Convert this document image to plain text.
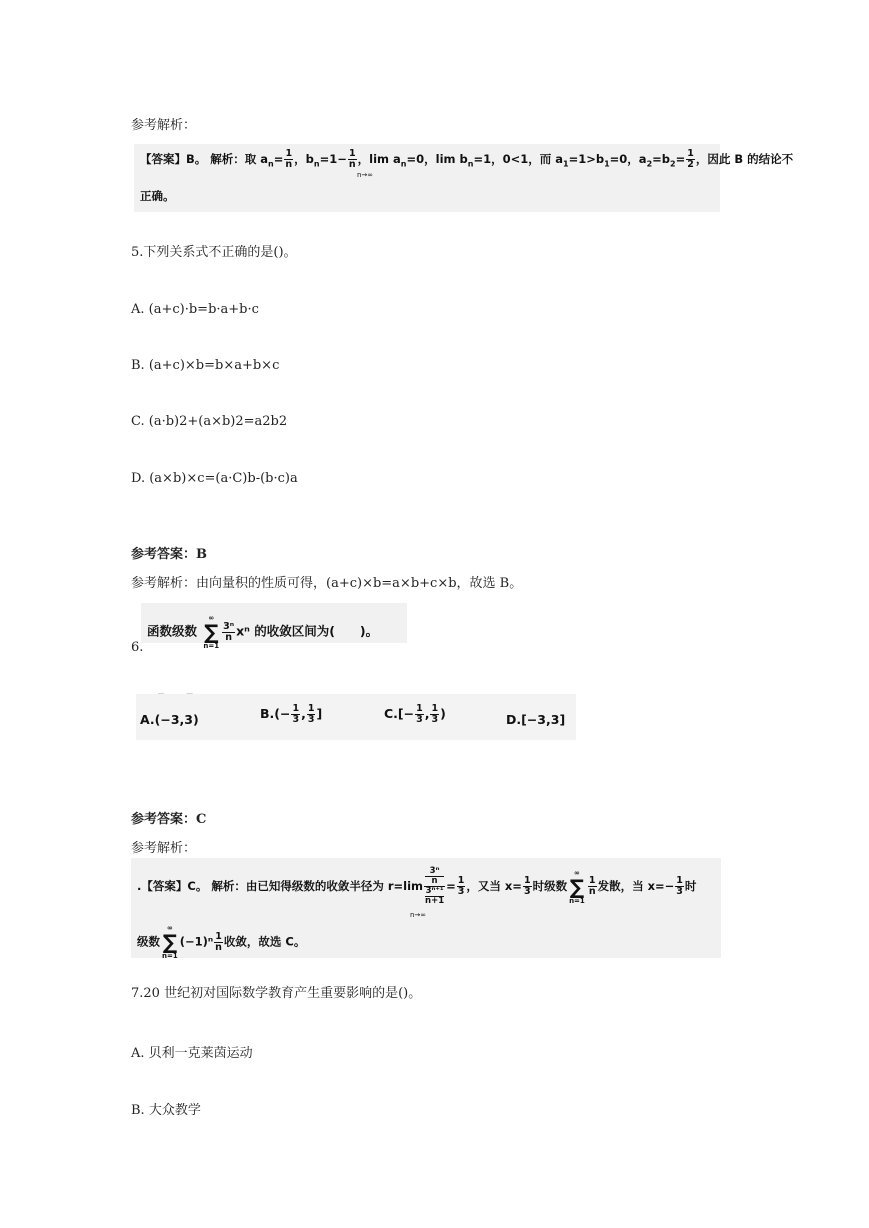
参考解析：
【答案】B。 解析：取 $a_n= \frac{1}{n}$ ，$b_n=1- \frac{1}{n}$ ，$\lim a_n=0$，$\lim b_n=1$，0<1，而 $a_1=1>b_1=0$，$a_2=b_2= \frac{1}{2}$ ，因此 B 的结论不
n→∞
正确。
5.下列关系式不正确的是()。
A. (a+c)·b=b·a+b·c
B. (a+c)×b=b×a+b×c
C. (a·b)2+(a×b)2=a2b2
D. (a×b)×c=(a·C)b-(b·c)a
参考答案：B
参考解析：由向量积的性质可得，(a+c)×b=a×b+c×b，故选 B。
函数级数 ∞
∑
n=1
$\frac{\text{3ⁿ}}{n}$ xⁿ 的收敛区间为(　　)。
6.
‾　　‾
A.(−3,3)	$B.(- \frac{1}{3}$ , $\frac{1}{3}$ ]	$C.[- \frac{1}{3}$ , $\frac{1}{3}$ )	D.[−3,3]
参考答案：C
参考解析：
.【答案】C。 解析：由已知得级数的收敛半径为 r=lim 3ⁿ
n
3ⁿ⁺¹
$n+1 = \frac{1}{3}$ ，又当 $x= \frac{1}{3}$ 时级数∞
∑
n=1
$\frac{1}{n}$ 发散，当 $x=- \frac{1}{3}$ 时
n→∞
级数∞
∑
$n=1(-1)^n \frac{1}{n}$ 收敛，故选 C。
7.20 世纪初对国际数学教育产生重要影响的是()。
A. 贝利一克莱茵运动
B. 大众教学
